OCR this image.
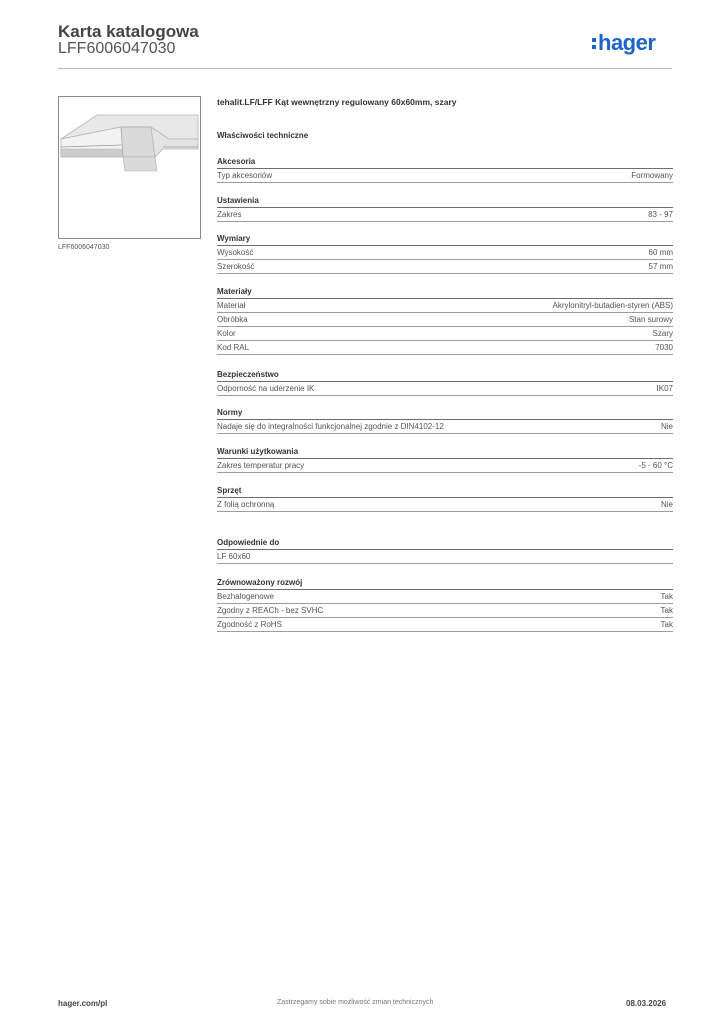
Karta katalogowa
LFF6006047030	hager
LFF6006047030
tehalit.LF/LFF Kąt wewnętrzny regulowany 60x60mm, szary
Właściwości techniczne
Akcesoria
Typ akcesoriów	Formowany
Ustawienia
Zakres	83 - 97
Wymiary
Wysokość	60 mm
Szerokość	57 mm
Materiały
Materiał	Akrylonitryl-butadien-styren (ABS)
Obróbka	Stan surowy
Kolor	Szary
Kod RAL	7030
Bezpieczeństwo
Odporność na uderzenie IK	IK07
Normy
Nadaje się do integralności funkcjonalnej zgodnie z DIN4102-12	Nie
Warunki użytkowania
Zakres temperatur pracy	-5 - 60 °C
Sprzęt
Z folią ochronną	Nie
Odpowiednie do
LF 60x60
Zrównoważony rozwój
Bezhalogenowe	Tak
Zgodny z REACh - bez SVHC	Tak
Zgodność z RoHS	Tak
hager.com/pl	Zastrzegamy sobie możliwość zmian technicznych	08.03.2026
